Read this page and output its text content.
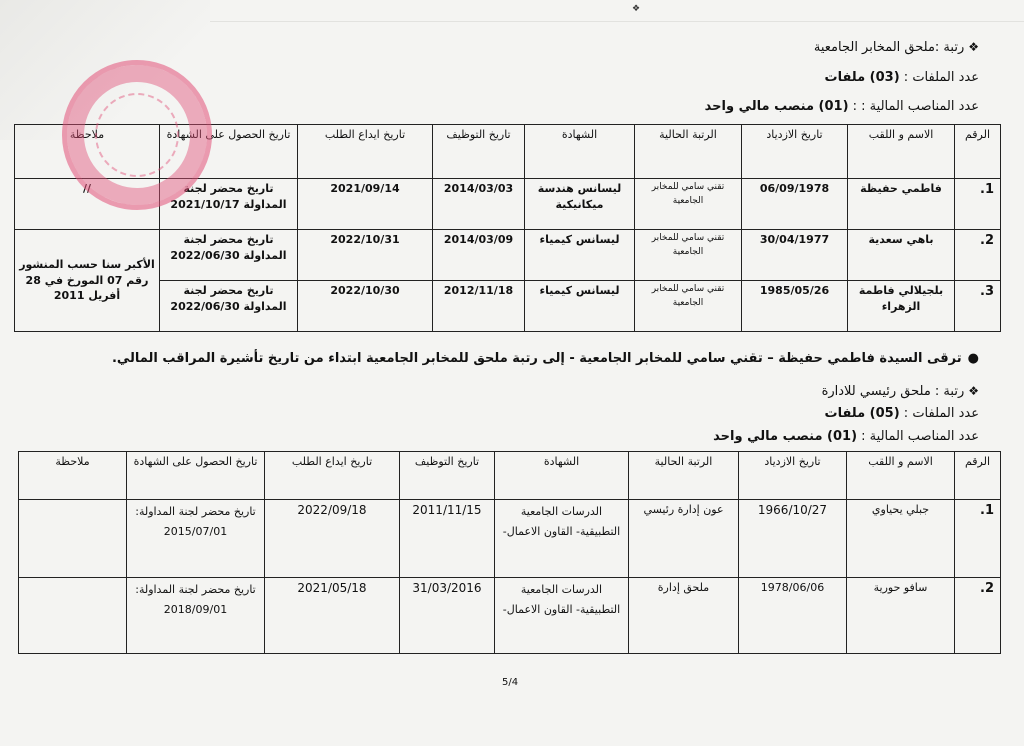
❖
❖رتبة :ملحق المخابر الجامعية
عدد الملفات : (03) ملفات
عدد المناصب المالية : : (01) منصب مالي واحد
الرقم	الاسم و اللقب	تاريخ الازدياد	الرتبة الحالية	الشهادة	تاريخ التوظيف	تاريخ ايداع الطلب	تاريخ الحصول على الشهادة	ملاحظة
1.	فاطمي حفيظة	06/09/1978	تقني سامي للمخابر الجامعية	ليسانس هندسة ميكانيكية	2014/03/03	2021/09/14	تاريخ محضر لجنة المداولة 2021/10/17	//
2.	باهي سعدية	30/04/1977	تقني سامي للمخابر الجامعية	ليسانس كيمياء	2014/03/09	2022/10/31	تاريخ محضر لجنة المداولة 2022/06/30	الأكبر سنا حسب المنشور رقم 07 المورخ في 28 أفريل 2011
3.	بلجيلالي فاطمة الزهراء	1985/05/26	تقني سامي للمخابر الجامعية	ليسانس كيمياء	2012/11/18	2022/10/30	تاريخ محضر لجنة المداولة 2022/06/30	
●ترقى السيدة فاطمي حفيظة – تقني سامي للمخابر الجامعية - إلى رتبة ملحق للمخابر الجامعية ابتداء من تاريخ تأشيرة المراقب المالي.
❖رتبة : ملحق رئيسي للادارة
عدد الملفات : (05) ملفات
عدد المناصب المالية : (01) منصب مالي واحد
الرقم	الاسم و اللقب	تاريخ الازدياد	الرتبة الحالية	الشهادة	تاريخ التوظيف	تاريخ ايداع الطلب	تاريخ الحصول على الشهادة	ملاحظة
1.	جبلي يحياوي	1966/10/27	عون إدارة رئيسي	الدرسات الجامعية التطبيقية- القاون الاعمال-	2011/11/15	2022/09/18	تاريخ محضر لجنة المداولة: 2015/07/01	
2.	سافو حورية	1978/06/06	ملحق إدارة	الدرسات الجامعية التطبيقية- القاون الاعمال-	31/03/2016	2021/05/18	تاريخ محضر لجنة المداولة: 2018/09/01	
5/4
